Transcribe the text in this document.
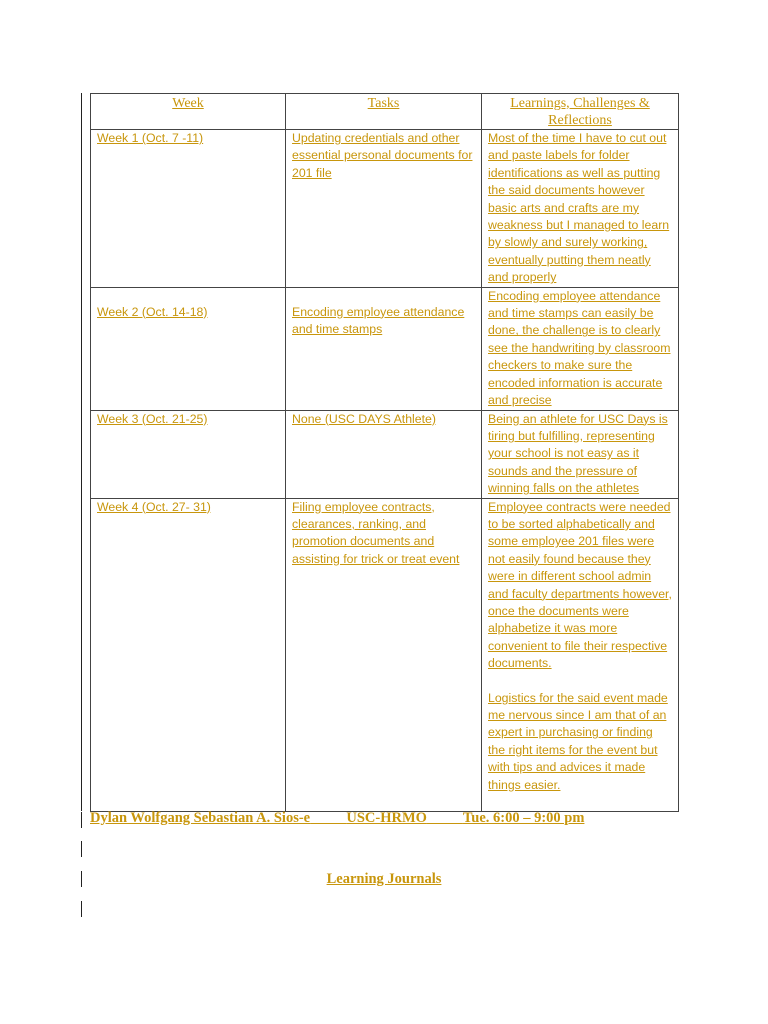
Week	Tasks	Learnings, Challenges & Reflections

Week 1 (Oct. 7 -11)	Updating credentials and other essential personal documents for 201 file	Most of the time I have to cut out and paste labels for folder identifications as well as putting the said documents however basic arts and crafts are my weakness but I managed to learn by slowly and surely working, eventually putting them neatly and properly

Week 2 (Oct. 14-18)	Encoding employee attendance and time stamps	Encoding employee attendance and time stamps can easily be done, the challenge is to clearly see the handwriting by classroom checkers to make sure the encoded information is accurate and precise

Week 3 (Oct. 21-25)	None (USC DAYS Athlete)	Being an athlete for USC Days is tiring but fulfilling, representing your school is not easy as it sounds and the pressure of winning falls on the athletes

Week 4 (Oct. 27- 31)	Filing employee contracts, clearances, ranking, and promotion documents and assisting for trick or treat event	Employee contracts were needed to be sorted alphabetically and some employee 201 files were not easily found because they were in different school admin and faculty departments however, once the documents were alphabetize it was more convenient to file their respective documents.
Logistics for the said event made me nervous since I am that of an expert in purchasing or finding the right items for the event but with tips and advices it made things easier.
Dylan Wolfgang Sebastian A. Sios-e	USC-HRMO Tue. 6:00 – 9:00 pm
Learning Journals
